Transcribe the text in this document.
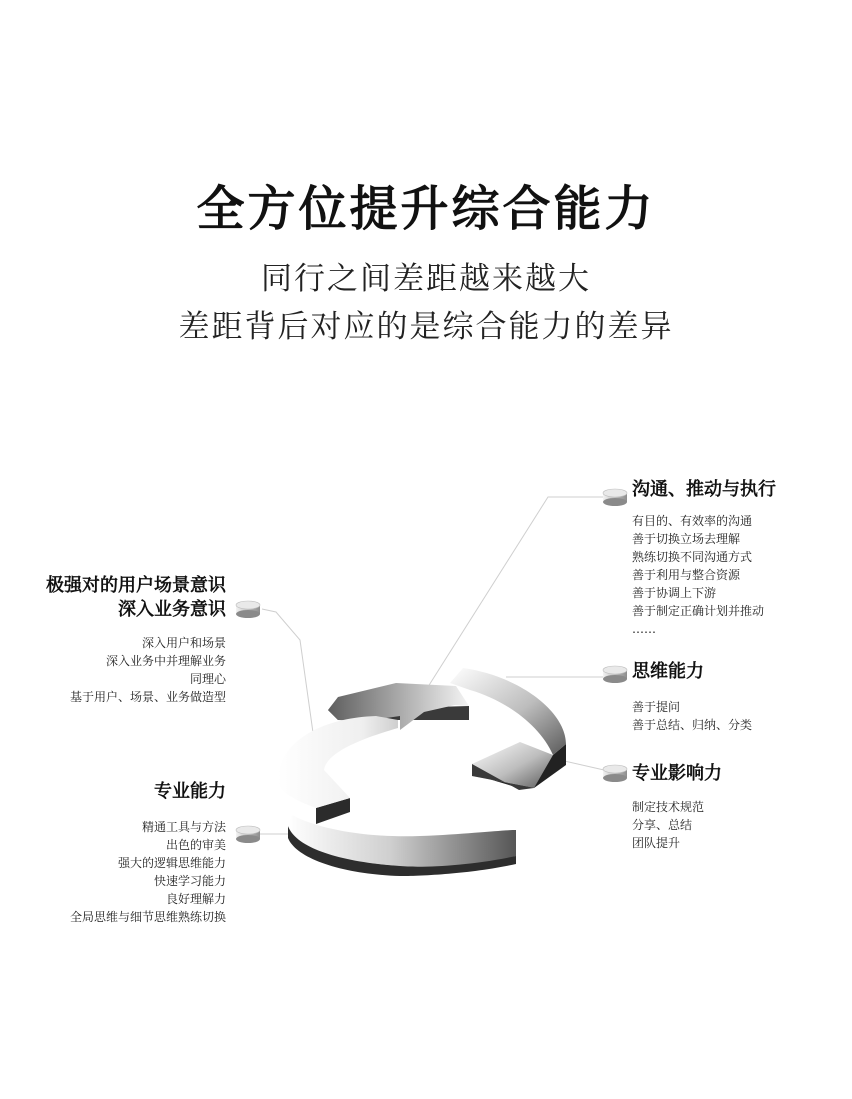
全方位提升综合能力
同行之间差距越来越大
差距背后对应的是综合能力的差异
沟通、推动与执行
有目的、有效率的沟通
善于切换立场去理解
熟练切换不同沟通方式
善于利用与整合资源
善于协调上下游
善于制定正确计划并推动
……
思维能力
善于提问
善于总结、归纳、分类
专业影响力
制定技术规范
分享、总结
团队提升
极强对的用户场景意识
深入业务意识
深入用户和场景
深入业务中并理解业务
同理心
基于用户、场景、业务做造型
专业能力
精通工具与方法
出色的审美
强大的逻辑思维能力
快速学习能力
良好理解力
全局思维与细节思维熟练切换
